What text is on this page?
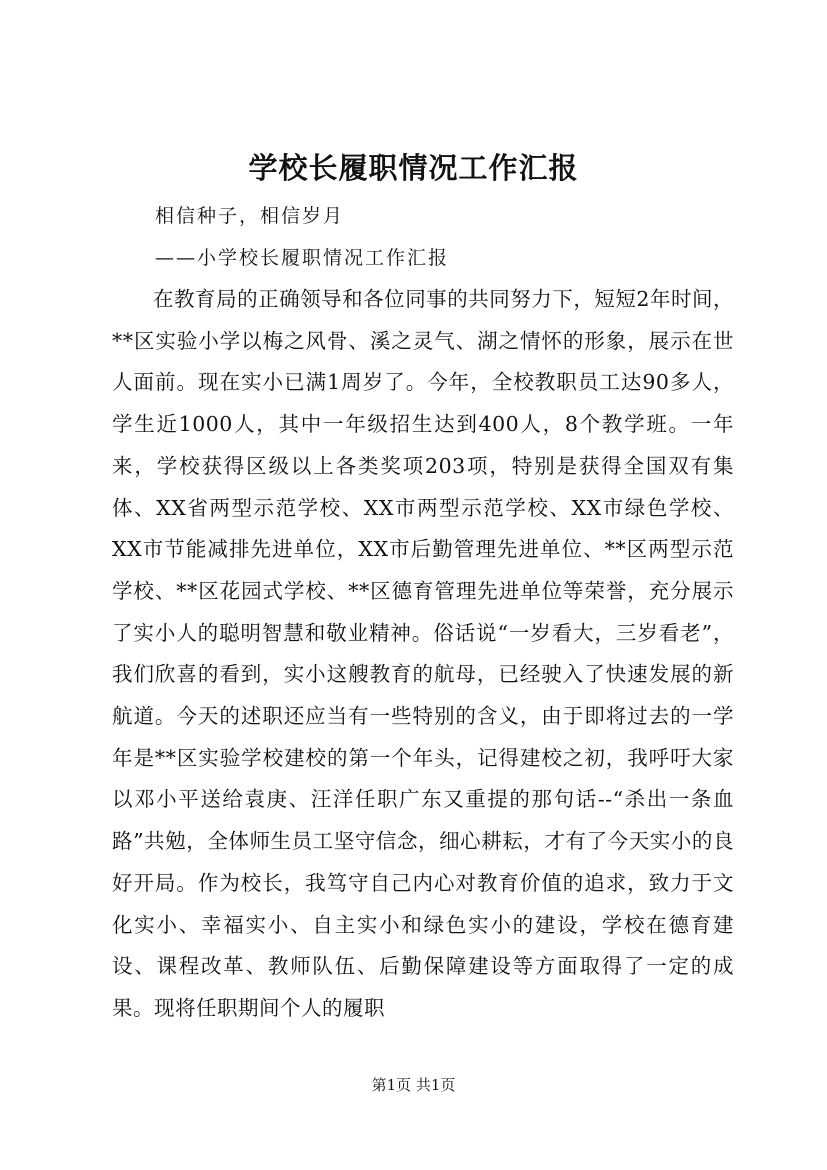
学校长履职情况工作汇报

相信种子，相信岁月

——小学校长履职情况工作汇报

在教育局的正确领导和各位同事的共同努力下，短短2年时间，**区实验小学以梅之风骨、溪之灵气、湖之情怀的形象，展示在世人面前。现在实小已满1周岁了。今年，全校教职员工达90多人，学生近1000人，其中一年级招生达到400人，8个教学班。一年来，学校获得区级以上各类奖项203项，特别是获得全国双有集体、XX省两型示范学校、XX市两型示范学校、XX市绿色学校、XX市节能减排先进单位，XX市后勤管理先进单位、**区两型示范学校、**区花园式学校、**区德育管理先进单位等荣誉，充分展示了实小人的聪明智慧和敬业精神。俗话说“一岁看大，三岁看老”，我们欣喜的看到，实小这艘教育的航母，已经驶入了快速发展的新航道。今天的述职还应当有一些特别的含义，由于即将过去的一学年是**区实验学校建校的第一个年头，记得建校之初，我呼吁大家以邓小平送给袁庚、汪洋任职广东又重提的那句话--“杀出一条血路”共勉，全体师生员工坚守信念，细心耕耘，才有了今天实小的良好开局。作为校长，我笃守自己内心对教育价值的追求，致力于文化实小、幸福实小、自主实小和绿色实小的建设，学校在德育建设、课程改革、教师队伍、后勤保障建设等方面取得了一定的成果。现将任职期间个人的履职

第1页 共1页
